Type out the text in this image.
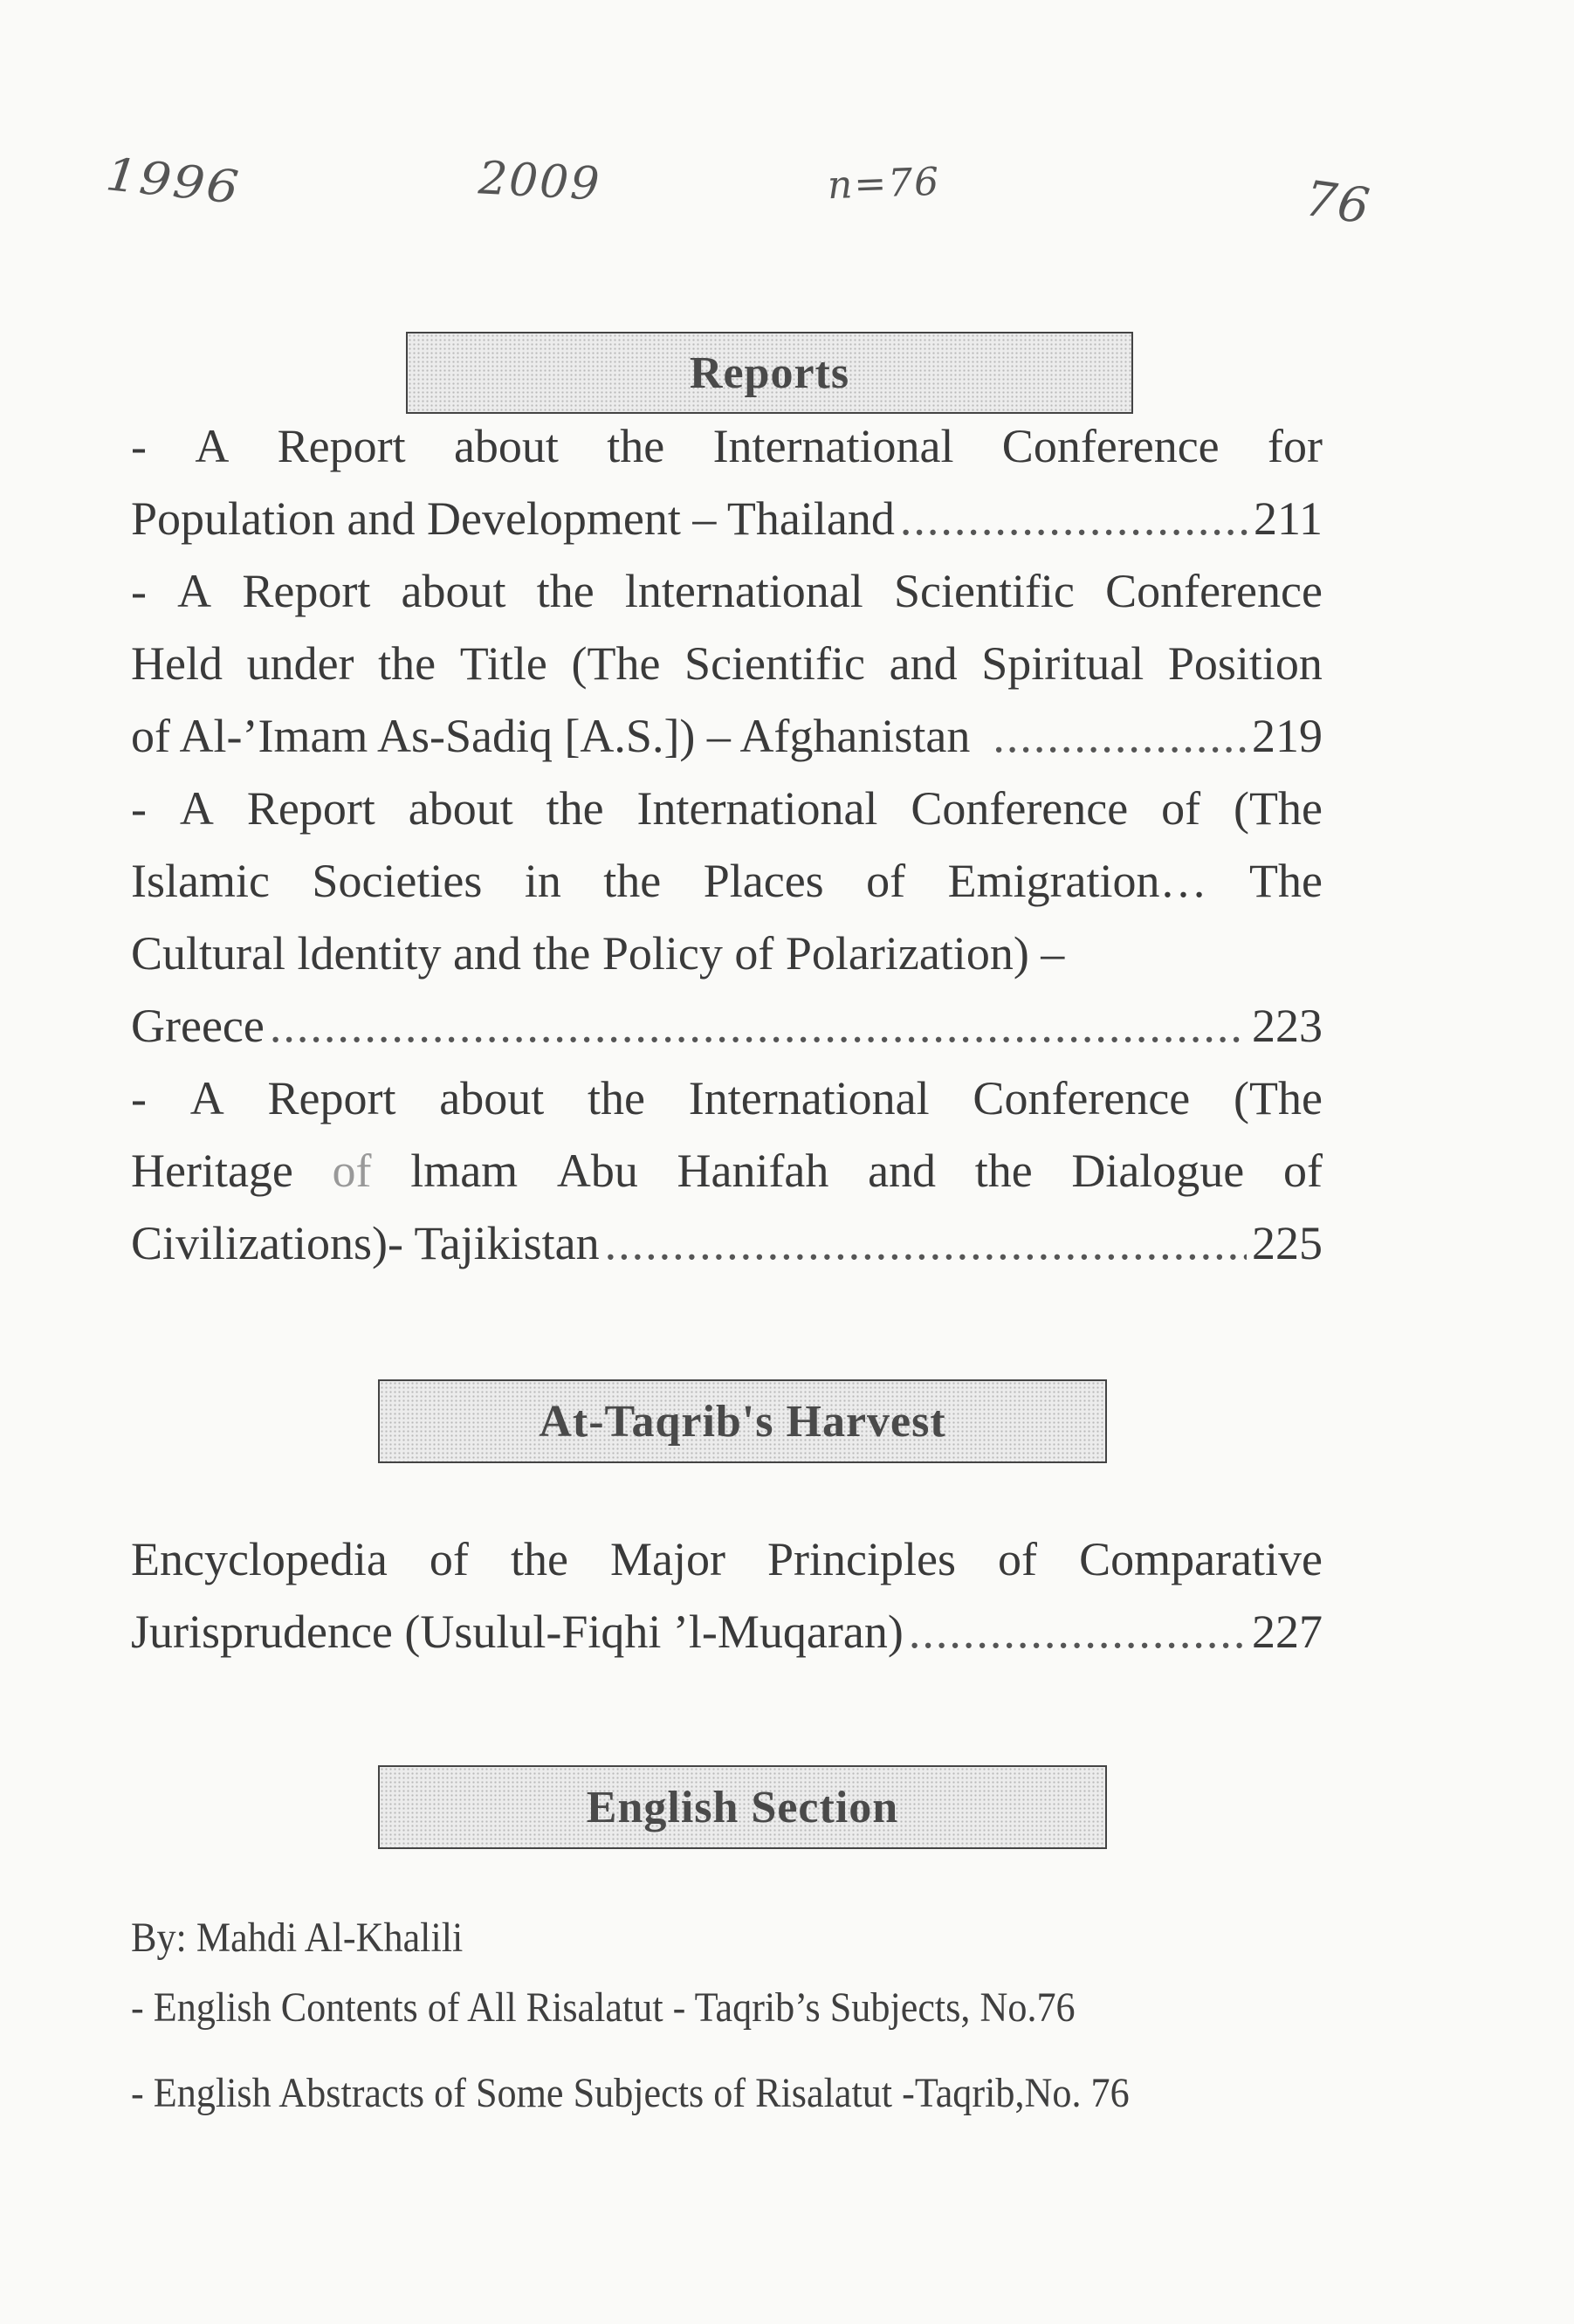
1996	2009	n=76	76
Reports
- A Report about the International Conference for
Population and Development – Thailand .....	211
- A Report about the lnternational Scientific Conference
Held under the Title (The Scientific and Spiritual Position
of Al-’Imam As-Sadiq [A.S.]) – Afghanistan .....	219
- A Report about the International Conference of (The
Islamic Societies in the Places of Emigration… The
Cultural ldentity and the Policy of Polarization) –
Greece .....	223
- A Report about the International Conference (The
Heritage of lmam Abu Hanifah and the Dialogue of
Civilizations)- Tajikistan .....	225
At-Taqrib's Harvest
Encyclopedia of the Major Principles of Comparative
Jurisprudence (Usulul-Fiqhi ’l-Muqaran) .....	227
English Section
By: Mahdi Al-Khalili
- English Contents of All Risalatut - Taqrib’s Subjects, No.76
- English Abstracts of Some Subjects of Risalatut -Taqrib,No. 76
